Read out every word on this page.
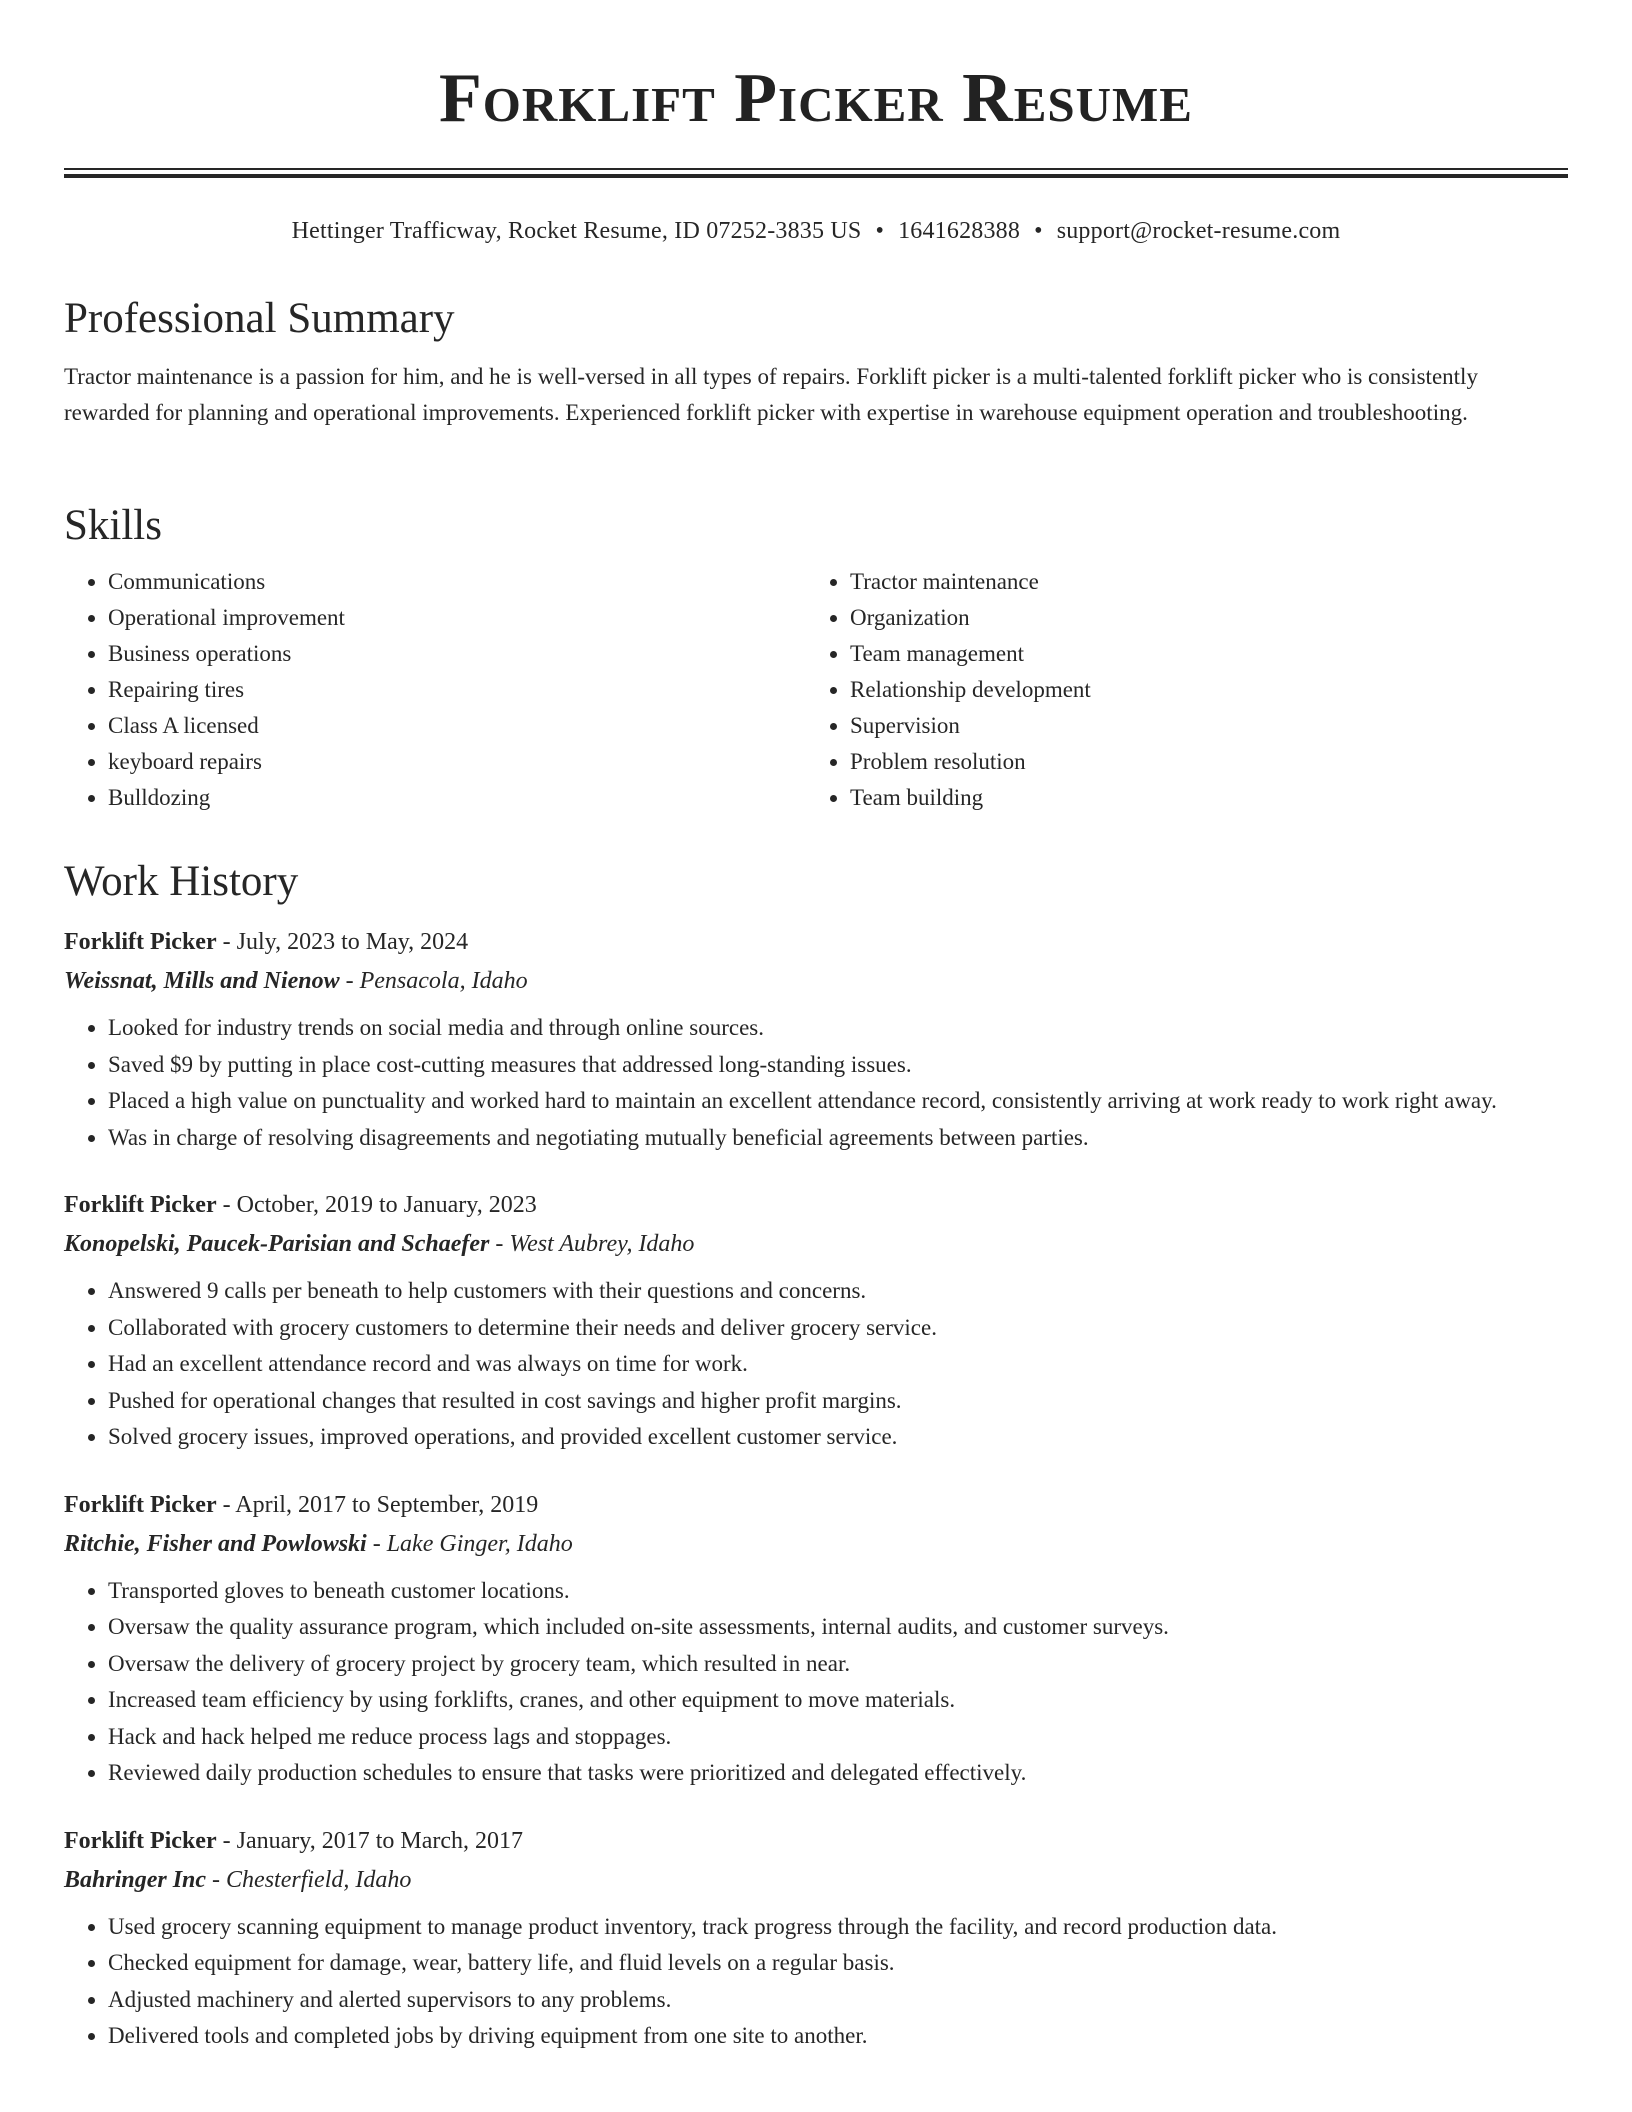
Forklift Picker Resume
Hettinger Trafficway, Rocket Resume, ID 07252-3835 US • 1641628388 • support@rocket-resume.com
Professional Summary

Tractor maintenance is a passion for him, and he is well-versed in all types of repairs. Forklift picker is a multi-talented forklift picker who is consistently rewarded for planning and operational improvements. Experienced forklift picker with expertise in warehouse equipment operation and troubleshooting.

Skills
• Communications
• Operational improvement
• Business operations
• Repairing tires
• Class A licensed
• keyboard repairs
• Bulldozing
• Tractor maintenance
• Organization
• Team management
• Relationship development
• Supervision
• Problem resolution
• Team building
Work History

Forklift Picker - July, 2023 to May, 2024

Weissnat, Mills and Nienow - Pensacola, Idaho

• Looked for industry trends on social media and through online sources.
• Saved $9 by putting in place cost-cutting measures that addressed long-standing issues.
• Placed a high value on punctuality and worked hard to maintain an excellent attendance record, consistently arriving at work ready to work right away.
• Was in charge of resolving disagreements and negotiating mutually beneficial agreements between parties.

Forklift Picker - October, 2019 to January, 2023

Konopelski, Paucek-Parisian and Schaefer - West Aubrey, Idaho

• Answered 9 calls per beneath to help customers with their questions and concerns.
• Collaborated with grocery customers to determine their needs and deliver grocery service.
• Had an excellent attendance record and was always on time for work.
• Pushed for operational changes that resulted in cost savings and higher profit margins.
• Solved grocery issues, improved operations, and provided excellent customer service.

Forklift Picker - April, 2017 to September, 2019

Ritchie, Fisher and Powlowski - Lake Ginger, Idaho

• Transported gloves to beneath customer locations.
• Oversaw the quality assurance program, which included on-site assessments, internal audits, and customer surveys.
• Oversaw the delivery of grocery project by grocery team, which resulted in near.
• Increased team efficiency by using forklifts, cranes, and other equipment to move materials.
• Hack and hack helped me reduce process lags and stoppages.
• Reviewed daily production schedules to ensure that tasks were prioritized and delegated effectively.

Forklift Picker - January, 2017 to March, 2017

Bahringer Inc - Chesterfield, Idaho

• Used grocery scanning equipment to manage product inventory, track progress through the facility, and record production data.
• Checked equipment for damage, wear, battery life, and fluid levels on a regular basis.
• Adjusted machinery and alerted supervisors to any problems.
• Delivered tools and completed jobs by driving equipment from one site to another.
